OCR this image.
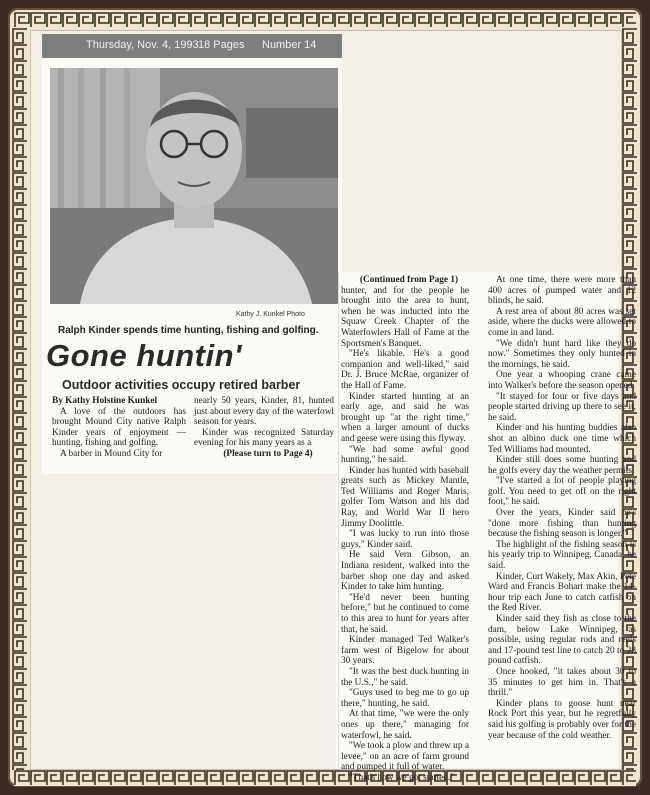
Thursday, Nov. 4, 1993 18 Pages Number 14
Kathy J. Kunkel Photo
Ralph Kinder spends time hunting, fishing and golfing.
Gone huntin'
Outdoor activities occupy retired barber

By Kathy Holstine Kunkel

A love of the outdoors has brought Mound City native Ralph Kinder years of enjoyment — hunting, fishing and golfing.

A barber in Mound City for

nearly 50 years, Kinder, 81, hunted just about every day of the waterfowl season for years.

Kinder was recognized Saturday evening for his many years as a

(Please turn to Page 4)

(Continued from Page 1)

hunter, and for the people he brought into the area to hunt, when he was inducted into the Squaw Creek Chapter of the Waterfowlers Hall of Fame at the Sportsmen's Banquet.

"He's likable. He's a good companion and well-liked," said Dr. J. Bruce McRae, organizer of the Hall of Fame.

Kinder started hunting at an early age, and said he was brought up "at the right time," when a larger amount of ducks and geese were using this flyway.

"We had some awful good hunting," he said.

Kinder has hunted with baseball greats such as Mickey Mantle, Ted Williams and Roger Maris, golfer Tom Watson and his dad Ray, and World War II hero Jimmy Doolittle.

"I was lucky to run into those guys," Kinder said.

He said Vern Gibson, an Indiana resident, walked into the barber shop one day and asked Kinder to take him hunting.

"He'd never been hunting before," but he continued to come to this area to hunt for years after that, he said.

Kinder managed Ted Walker's farm west of Bigelow for about 30 years.

"It was the best duck hunting in the U.S.," he said.

"Guys used to beg me to go up there," hunting, he said.

At that time, "we were the only ones up there," managing for waterfowl, he said.

"We took a plow and threw up a levee," on an acre of farm ground and pumped it full of water.

"That's how we got started."

At one time, there were more than 400 acres of pumped water and 12 blinds, he said.

A rest area of about 80 acres was set aside, where the ducks were allowed to come in and land.

"We didn't hunt hard like they do now." Sometimes they only hunted in the mornings, he said.

One year a whooping crane came into Walker's before the season opened.

"It stayed for four or five days and people started driving up there to see it, he said.

Kinder and his hunting buddies also shot an albino duck one time which Ted Williams had mounted.

Kinder still does some hunting and he golfs every day the weather permits.

"I've started a lot of people playing golf. You need to get off on the right foot," he said.

Over the years, Kinder said he's "done more fishing than hunting because the fishing season is longer."

The highlight of the fishing season is his yearly trip to Winnipeg, Canada, he said.

Kinder, Curt Wakely, Max Akin, Pete Ward and Francis Bohart make the 14-hour trip each June to catch catfish on the Red River.

Kinder said they fish as close to the dam, below Lake Winnipeg, as possible, using regular rods and reels and 17-pound test line to catch 20 to 28 pound catfish.

Once hooked, "it takes about 30 to 35 minutes to get him in. That's a thrill."

Kinder plans to goose hunt near Rock Port this year, but he regretfully said his golfing is probably over for the year because of the cold weather.
